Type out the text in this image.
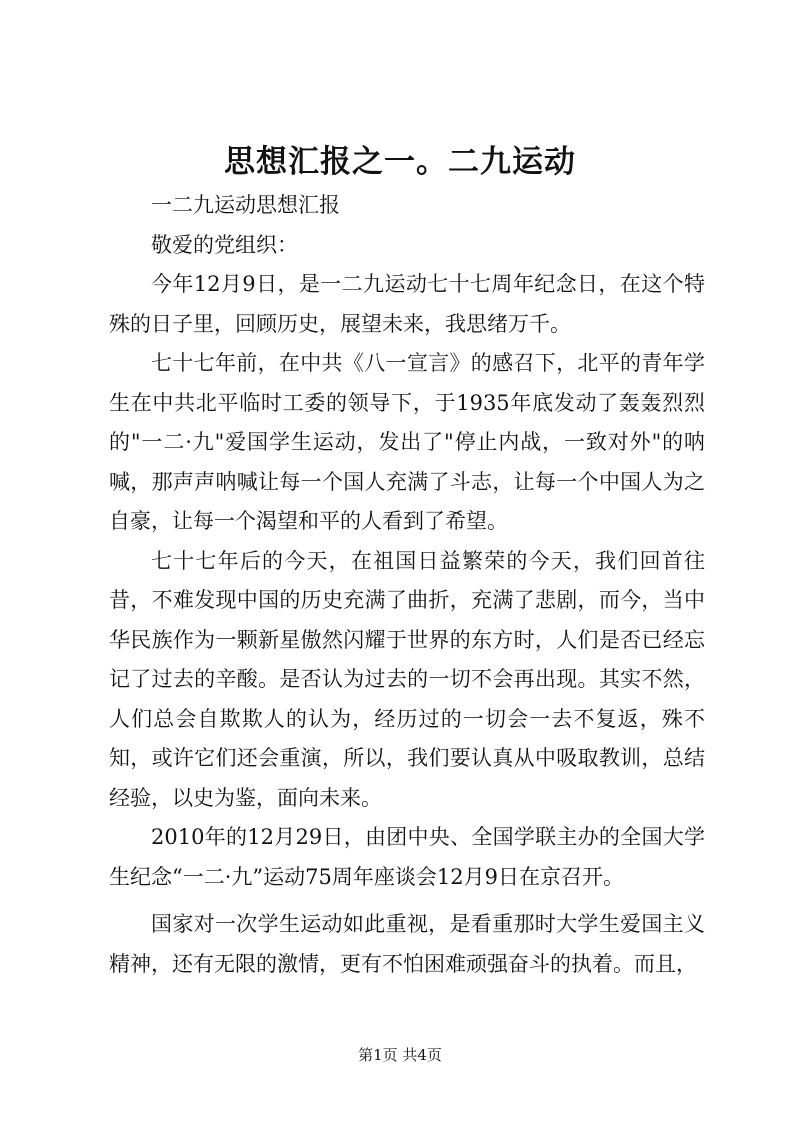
思想汇报之一。二九运动

一二九运动思想汇报

敬爱的党组织：

今年12月9日，是一二九运动七十七周年纪念日，在这个特殊的日子里，回顾历史，展望未来，我思绪万千。

七十七年前，在中共《八一宣言》的感召下，北平的青年学生在中共北平临时工委的领导下，于1935年底发动了轰轰烈烈的"一二·九"爱国学生运动，发出了"停止内战，一致对外"的呐喊，那声声呐喊让每一个国人充满了斗志，让每一个中国人为之自豪，让每一个渴望和平的人看到了希望。

七十七年后的今天，在祖国日益繁荣的今天，我们回首往昔，不难发现中国的历史充满了曲折，充满了悲剧，而今，当中华民族作为一颗新星傲然闪耀于世界的东方时，人们是否已经忘记了过去的辛酸。是否认为过去的一切不会再出现。其实不然，人们总会自欺欺人的认为，经历过的一切会一去不复返，殊不知，或许它们还会重演，所以，我们要认真从中吸取教训，总结经验，以史为鉴，面向未来。

2010年的12月29日，由团中央、全国学联主办的全国大学生纪念“一二·九”运动75周年座谈会12月9日在京召开。

国家对一次学生运动如此重视，是看重那时大学生爱国主义精神，还有无限的激情，更有不怕困难顽强奋斗的执着。而且，

第1页 共4页
